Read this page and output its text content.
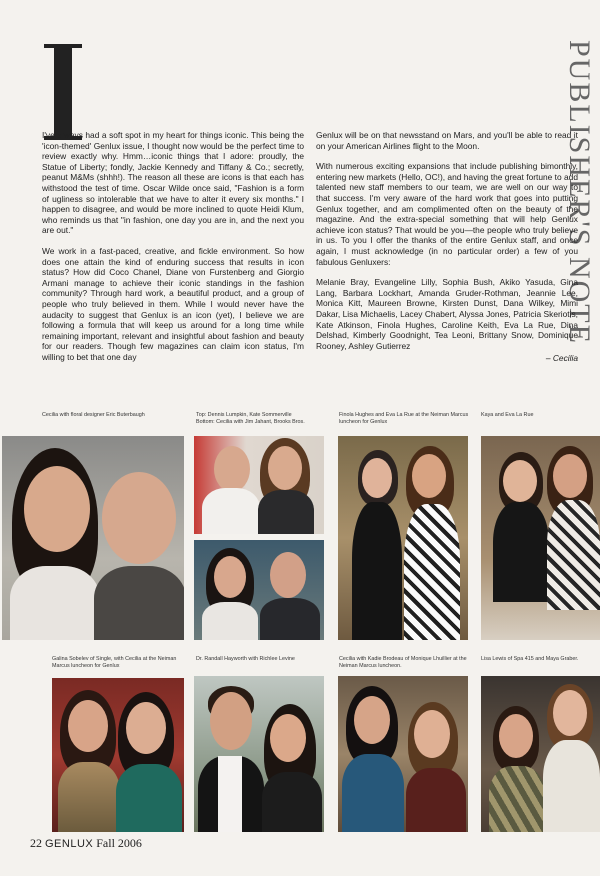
PUBLISHER'S NOTE

I've always had a soft spot in my heart for things iconic. This being the 'icon-themed' Genlux issue, I thought now would be the perfect time to review exactly why. Hmm…iconic things that I adore: proudly, the Statue of Liberty; fondly, Jackie Kennedy and Tiffany & Co.; secretly, peanut M&Ms (shhh!). The reason all these are icons is that each has withstood the test of time. Oscar Wilde once said, "Fashion is a form of ugliness so intolerable that we have to alter it every six months." I happen to disagree, and would be more inclined to quote Heidi Klum, who reminds us that "in fashion, one day you are in, and the next you are out."

We work in a fast-paced, creative, and fickle environment. So how does one attain the kind of enduring success that results in icon status? How did Coco Chanel, Diane von Furstenberg and Giorgio Armani manage to achieve their iconic standings in the fashion community? Through hard work, a beautiful product, and a group of people who truly believed in them. While I would never have the audacity to suggest that Genlux is an icon (yet), I believe we are following a formula that will keep us around for a long time while remaining important, relevant and insightful about fashion and beauty for our readers. Though few magazines can claim icon status, I'm willing to bet that one day

Genlux will be on that newsstand on Mars, and you'll be able to read it on your American Airlines flight to the Moon.

With numerous exciting expansions that include publishing bimonthly, entering new markets (Hello, OC!), and having the great fortune to add talented new staff members to our team, we are well on our way to that success. I'm very aware of the hard work that goes into putting Genlux together, and am complimented often on the beauty of the magazine. And the extra-special something that will help Genlux achieve icon status? That would be you—the people who truly believe in us. To you I offer the thanks of the entire Genlux staff, and once again, I must acknowledge (in no particular order) a few of you fabulous Genluxers:

Melanie Bray, Evangeline Lilly, Sophia Bush, Akiko Yasuda, Gina Lang, Barbara Lockhart, Amanda Gruder-Rothman, Jeannie Lee, Monica Kitt, Maureen Browne, Kirsten Dunst, Dana Wilkey, Mimi Dakar, Lisa Michaelis, Lacey Chabert, Alyssa Jones, Patricia Skeriotis, Kate Atkinson, Finola Hughes, Caroline Keith, Eva La Rue, Dina Delshad, Kimberly Goodnight, Tea Leoni, Brittany Snow, Dominique Rooney, Ashley Gutierrez

– Cecilia
Cecilia with floral designer Eric Buterbaugh	Top: Dennis Lumpkin, Kate Sommerville
Bottom: Cecilia with Jim Jahant, Brooks Bros.
Finola Hughes and Eva La Rue at the Neiman Marcus luncheon for Genlux
Kaya and Eva La Rue
Galina Sobelev of Single, with Cecilia at the Neiman Marcus luncheon for Genlux
Dr. Randall Hayworth with Richlee Levine	Cecilia with Kadie Brodeau of Monique Lhuillier at the Neiman Marcus luncheon.
Lisa Lewis of Spa 415 and Maya Graber.
22 GENLUX Fall 2006
